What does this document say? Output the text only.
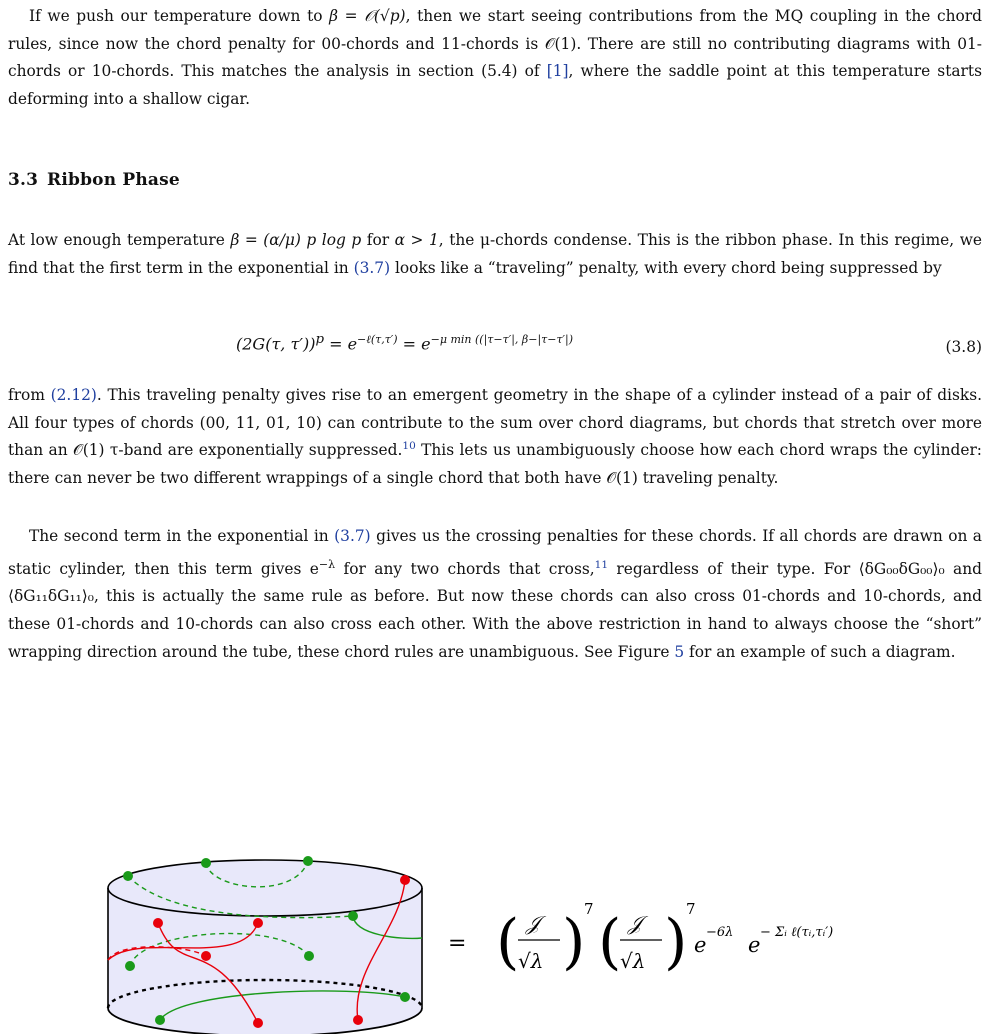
If we push our temperature down to β = 𝒪(√p), then we start seeing contributions from the MQ coupling in the chord rules, since now the chord penalty for 00-chords and 11-chords is 𝒪(1). There are still no contributing diagrams with 01-chords or 10-chords. This matches the analysis in section (5.4) of [1], where the saddle point at this temperature starts deforming into a shallow cigar.

3.3 Ribbon Phase

At low enough temperature β = (α/μ) p log p for α > 1, the μ-chords condense. This is the ribbon phase. In this regime, we find that the first term in the exponential in (3.7) looks like a “traveling” penalty, with every chord being suppressed by

(2G(τ, $\tau'))^p = e^{-\ell(\tau,\tau')} = e^{-\mu min ((|\tau-\tau'|, \beta-|\tau-\tau'|)}$	(3.8)

from (2.12). This traveling penalty gives rise to an emergent geometry in the shape of a cylinder instead of a pair of disks. All four types of chords (00, 11, 01, 10) can contribute to the sum over chord diagrams, but chords that stretch over more than an 𝒪(1) τ-band are exponentially suppressed.$^{10}$ This lets us unambiguously choose how each chord wraps the cylinder: there can never be two different wrappings of a single chord that both have 𝒪(1) traveling penalty.

The second term in the exponential in (3.7) gives us the crossing penalties for these chords. If all chords are drawn on a static cylinder, then this term gives $e^{-\lambda}$ for any two chords that cross,$^{11}$ regardless of their type. For ⟨δG₀₀δG₀₀⟩₀ and ⟨δG₁₁δG₁₁⟩₀, this is actually the same rule as before. But now these chords can also cross 01-chords and 10-chords, and these 01-chords and 10-chords can also cross each other. With the above restriction in hand to always choose the “short” wrapping direction around the tube, these chord rules are unambiguous. See Figure 5 for an example of such a diagram.

= ( 𝒥
√λ )
7 ( 𝒥
√λ )
7
e
−6λ
e
− Σᵢ ℓ(τᵢ,τᵢ′)
